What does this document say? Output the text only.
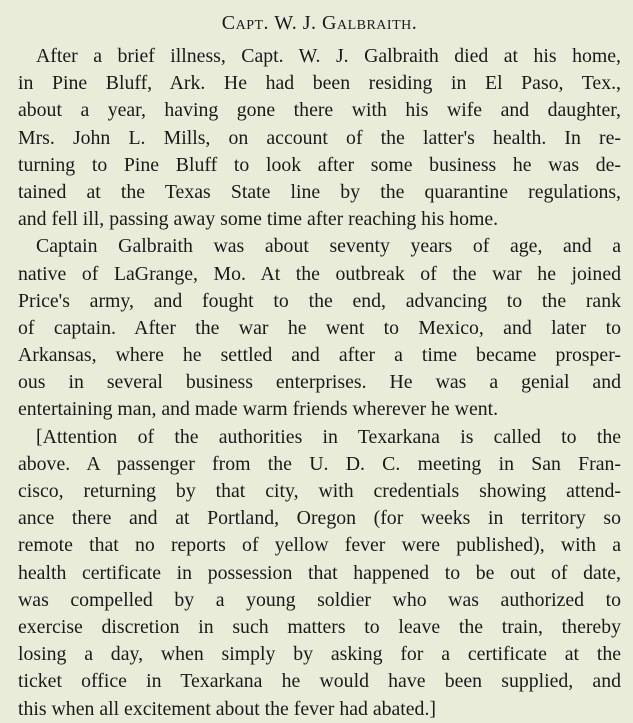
Capt. W. J. Galbraith.
After a brief illness, Capt. W. J. Galbraith died at his home,
in Pine Bluff, Ark. He had been residing in El Paso, Tex.,
about a year, having gone there with his wife and daughter,
Mrs. John L. Mills, on account of the latter's health. In re-
turning to Pine Bluff to look after some business he was de-
tained at the Texas State line by the quarantine regulations,
and fell ill, passing away some time after reaching his home.
Captain Galbraith was about seventy years of age, and a
native of LaGrange, Mo. At the outbreak of the war he joined
Price's army, and fought to the end, advancing to the rank
of captain. After the war he went to Mexico, and later to
Arkansas, where he settled and after a time became prosper-
ous in several business enterprises. He was a genial and
entertaining man, and made warm friends wherever he went.
[Attention of the authorities in Texarkana is called to the
above. A passenger from the U. D. C. meeting in San Fran-
cisco, returning by that city, with credentials showing attend-
ance there and at Portland, Oregon (for weeks in territory so
remote that no reports of yellow fever were published), with a
health certificate in possession that happened to be out of date,
was compelled by a young soldier who was authorized to
exercise discretion in such matters to leave the train, thereby
losing a day, when simply by asking for a certificate at the
ticket office in Texarkana he would have been supplied, and
this when all excitement about the fever had abated.]
